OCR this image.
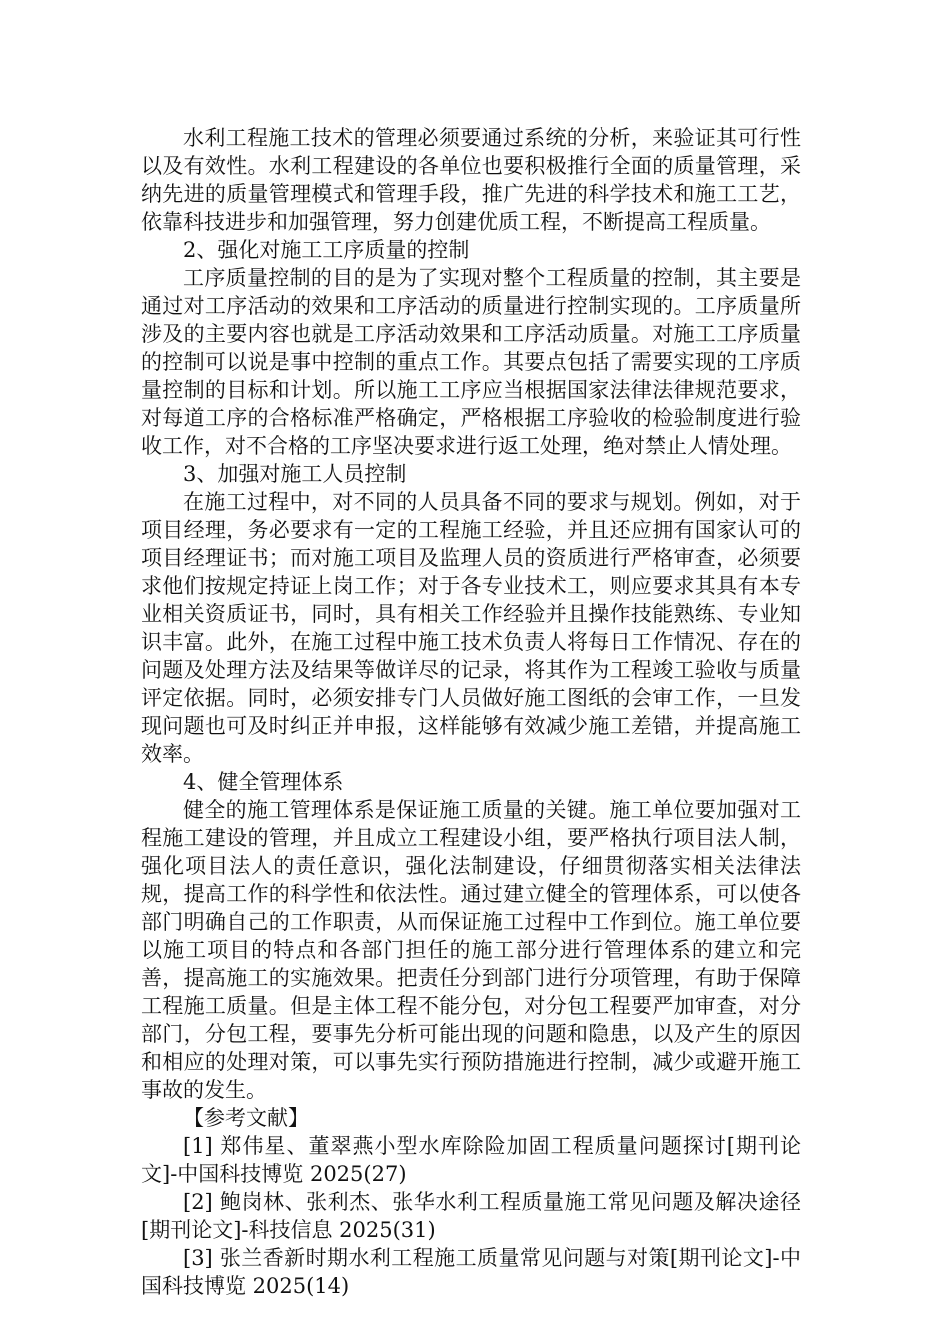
水利工程施工技术的管理必须要通过系统的分析，来验证其可行性以及有效性。水利工程建设的各单位也要积极推行全面的质量管理，采纳先进的质量管理模式和管理手段，推广先进的科学技术和施工工艺，依靠科技进步和加强管理，努力创建优质工程，不断提高工程质量。

2、强化对施工工序质量的控制

工序质量控制的目的是为了实现对整个工程质量的控制，其主要是通过对工序活动的效果和工序活动的质量进行控制实现的。工序质量所涉及的主要内容也就是工序活动效果和工序活动质量。对施工工序质量的控制可以说是事中控制的重点工作。其要点包括了需要实现的工序质量控制的目标和计划。所以施工工序应当根据国家法律法律规范要求，对每道工序的合格标准严格确定，严格根据工序验收的检验制度进行验收工作，对不合格的工序坚决要求进行返工处理，绝对禁止人情处理。

3、加强对施工人员控制

在施工过程中，对不同的人员具备不同的要求与规划。例如，对于项目经理，务必要求有一定的工程施工经验，并且还应拥有国家认可的项目经理证书；而对施工项目及监理人员的资质进行严格审查，必须要求他们按规定持证上岗工作；对于各专业技术工，则应要求其具有本专业相关资质证书，同时，具有相关工作经验并且操作技能熟练、专业知识丰富。此外，在施工过程中施工技术负责人将每日工作情况、存在的问题及处理方法及结果等做详尽的记录，将其作为工程竣工验收与质量评定依据。同时，必须安排专门人员做好施工图纸的会审工作，一旦发现问题也可及时纠正并申报，这样能够有效减少施工差错，并提高施工效率。

4、健全管理体系

健全的施工管理体系是保证施工质量的关键。施工单位要加强对工程施工建设的管理，并且成立工程建设小组，要严格执行项目法人制，强化项目法人的责任意识，强化法制建设，仔细贯彻落实相关法律法规，提高工作的科学性和依法性。通过建立健全的管理体系，可以使各部门明确自己的工作职责，从而保证施工过程中工作到位。施工单位要以施工项目的特点和各部门担任的施工部分进行管理体系的建立和完善，提高施工的实施效果。把责任分到部门进行分项管理，有助于保障工程施工质量。但是主体工程不能分包，对分包工程要严加审查，对分部门，分包工程，要事先分析可能出现的问题和隐患，以及产生的原因和相应的处理对策，可以事先实行预防措施进行控制，减少或避开施工事故的发生。

【参考文献】

[1] 郑伟星、董翠燕小型水库除险加固工程质量问题探讨[期刊论文]-中国科技博览 2025(27)

[2] 鲍岗林、张利杰、张华水利工程质量施工常见问题及解决途径[期刊论文]-科技信息 2025(31)

[3] 张兰香新时期水利工程施工质量常见问题与对策[期刊论文]-中国科技博览 2025(14)
